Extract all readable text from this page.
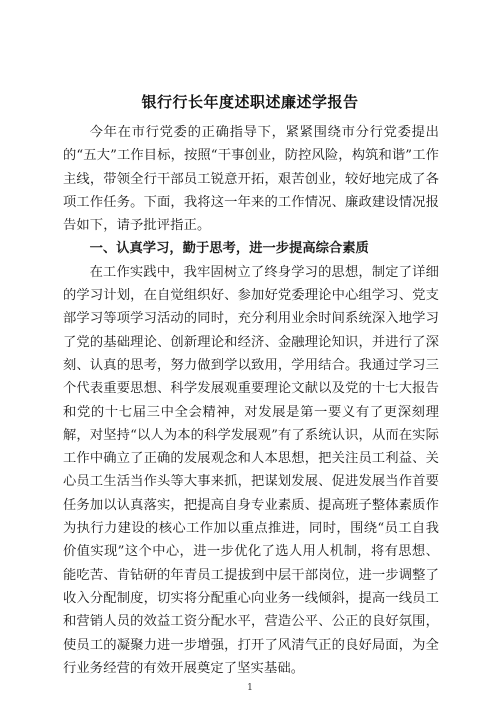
银行行长年度述职述廉述学报告

今年在市行党委的正确指导下，紧紧围绕市分行党委提出的“五大”工作目标，按照“干事创业，防控风险，构筑和谐”工作主线，带领全行干部员工锐意开拓，艰苦创业，较好地完成了各项工作任务。下面，我将这一年来的工作情况、廉政建设情况报告如下，请予批评指正。

一、认真学习，勤于思考，进一步提高综合素质

在工作实践中，我牢固树立了终身学习的思想，制定了详细的学习计划，在自觉组织好、参加好党委理论中心组学习、党支部学习等项学习活动的同时，充分利用业余时间系统深入地学习了党的基础理论、创新理论和经济、金融理论知识，并进行了深刻、认真的思考，努力做到学以致用，学用结合。我通过学习三个代表重要思想、科学发展观重要理论文献以及党的十七大报告和党的十七届三中全会精神，对发展是第一要义有了更深刻理解，对坚持“以人为本的科学发展观”有了系统认识，从而在实际工作中确立了正确的发展观念和人本思想，把关注员工利益、关心员工生活当作头等大事来抓，把谋划发展、促进发展当作首要任务加以认真落实，把提高自身专业素质、提高班子整体素质作为执行力建设的核心工作加以重点推进，同时，围绕“员工自我价值实现”这个中心，进一步优化了选人用人机制，将有思想、能吃苦、肯钻研的年青员工提拔到中层干部岗位，进一步调整了收入分配制度，切实将分配重心向业务一线倾斜，提高一线员工和营销人员的效益工资分配水平，营造公平、公正的良好氛围，使员工的凝聚力进一步增强，打开了风清气正的良好局面，为全行业务经营的有效开展奠定了坚实基础。

1
